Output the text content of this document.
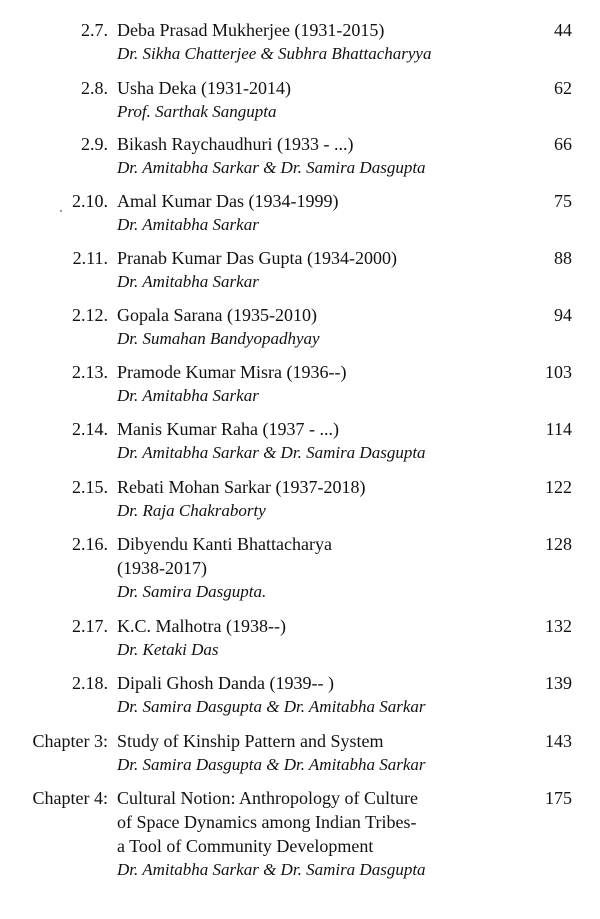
2.7. Deba Prasad Mukherjee (1931-2015)
Dr. Sikha Chatterjee & Subhra Bhattacharyya
44
2.8. Usha Deka (1931-2014)
Prof. Sarthak Sangupta
62
2.9. Bikash Raychaudhuri (1933 - ...)
Dr. Amitabha Sarkar & Dr. Samira Dasgupta
66
2.10. Amal Kumar Das (1934-1999)
Dr. Amitabha Sarkar
75
2.11. Pranab Kumar Das Gupta (1934-2000)
Dr. Amitabha Sarkar
88
2.12. Gopala Sarana (1935-2010)
Dr. Sumahan Bandyopadhyay
94
2.13. Pramode Kumar Misra (1936--)
Dr. Amitabha Sarkar
103
2.14. Manis Kumar Raha (1937 - ...)
Dr. Amitabha Sarkar & Dr. Samira Dasgupta
114
2.15. Rebati Mohan Sarkar (1937-2018)
Dr. Raja Chakraborty
122
2.16. Dibyendu Kanti Bhattacharya
(1938-2017)
Dr. Samira Dasgupta.
128
2.17. K.C. Malhotra (1938--)
Dr. Ketaki Das
132
2.18. Dipali Ghosh Danda (1939-- )
Dr. Samira Dasgupta & Dr. Amitabha Sarkar
139
Chapter 3: Study of Kinship Pattern and System
Dr. Samira Dasgupta & Dr. Amitabha Sarkar
143
Chapter 4: Cultural Notion: Anthropology of Culture
of Space Dynamics among Indian Tribes-
a Tool of Community Development
Dr. Amitabha Sarkar & Dr. Samira Dasgupta
175
